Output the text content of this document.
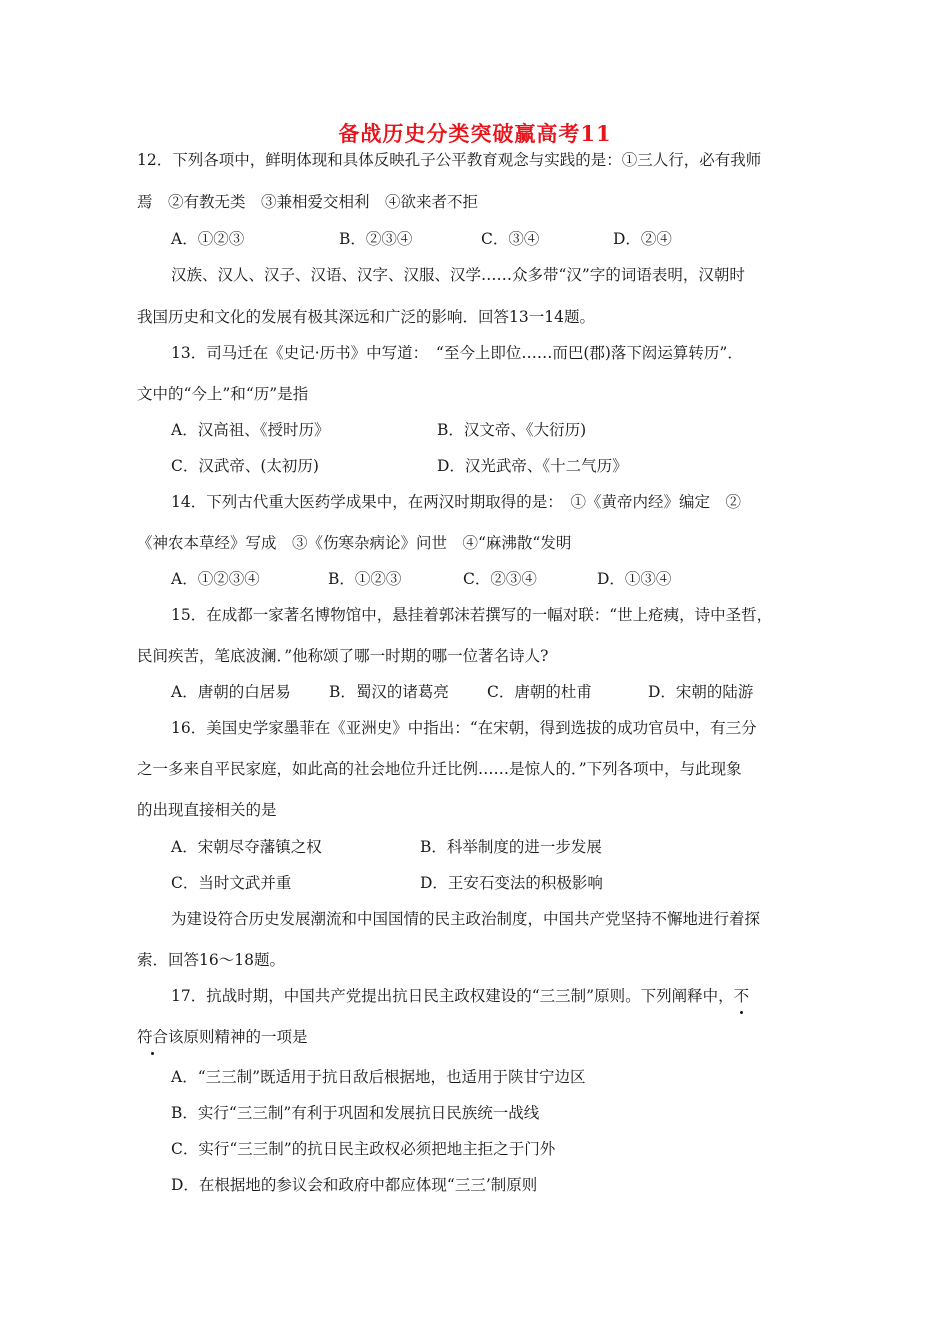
备战历史分类突破赢高考11
12．下列各项中，鲜明体现和具体反映孔子公平教育观念与实践的是：①三人行，必有我师
焉　②有教无类　③兼相爱交相利　④欲来者不拒
A．①②③	B．②③④	C．③④	D．②④
汉族、汉人、汉子、汉语、汉字、汉服、汉学……众多带“汉”字的词语表明，汉朝时
我国历史和文化的发展有极其深远和广泛的影响．回答13一14题。
13．司马迁在《史记·历书》中写道：　“至今上即位……而巴(郡)落下闳运算转历”．
文中的“今上”和“历”是指
A．汉高祖、《授时历》	B．汉文帝、《大衍历)
C．汉武帝、(太初历)	D．汉光武帝、《十二气历》
14．下列古代重大医药学成果中，在两汉时期取得的是：　①《黄帝内经》编定　②
《神农本草经》写成　③《伤寒杂病论》问世　④“麻沸散“发明
A．①②③④	B．①②③	C．②③④	D．①③④
15．在成都一家著名博物馆中，悬挂着郭沫若撰写的一幅对联：“世上疮痍，诗中圣哲，
民间疾苦，笔底波澜．”他称颂了哪一时期的哪一位著名诗人?
A．唐朝的白居易 B．蜀汉的诸葛亮 C．唐朝的杜甫	D．宋朝的陆游
16．美国史学家墨菲在《亚洲史》中指出：“在宋朝，得到选拔的成功官员中，有三分
之一多来自平民家庭，如此高的社会地位升迁比例……是惊人的．”下列各项中，与此现象
的出现直接相关的是
A．宋朝尽夺藩镇之权	B．科举制度的进一步发展
C．当时文武并重	D．王安石变法的积极影响
为建设符合历史发展潮流和中国国情的民主政治制度，中国共产党坚持不懈地进行着探
索．回答16～18题。
17．抗战时期，中国共产党提出抗日民主政权建设的“三三制”原则。下列阐释中，不
符合该原则精神的一项是
A．“三三制”既适用于抗日敌后根据地，也适用于陕甘宁边区
B．实行“三三制”有利于巩固和发展抗日民族统一战线
C．实行“三三制”的抗日民主政权必须把地主拒之于门外
D．在根据地的参议会和政府中都应体现“三三’制原则
